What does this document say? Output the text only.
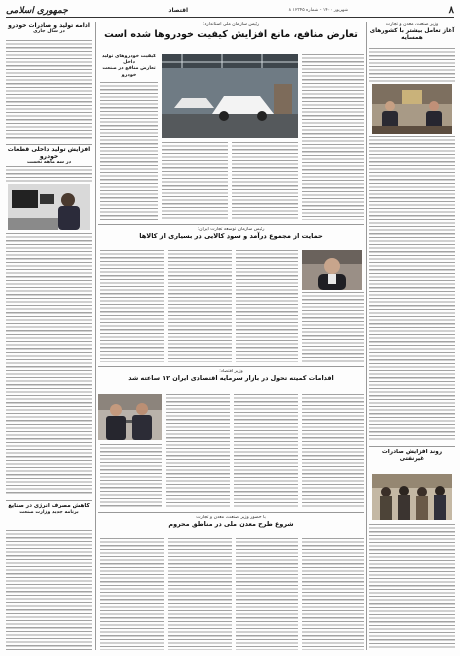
جمهوری اسلامی	اقتصاد	۸ شهریور ۱۴۰۰ - شماره ۱۲۳۴۵	۸
ادامه تولید و صادرات خودرو
در سال جاری
افزایش تولید داخلی قطعات خودرو
در سه ماهه نخست
کاهش مصرف انرژی در صنایع
برنامه جدید وزارت صنعت
رئیس سازمان ملی استاندارد:
تعارض منافع، مانع افزایش کیفیت خودروها شده است
کیفیت خودروهای تولید داخل
تعارض منافع در صنعت خودرو
رئیس سازمان توسعه تجارت ایران:
حمایت از مجموع درآمد و سود کالایی در بسیاری از کالاها
وزیر اقتصاد:
اقدامات کمیته تحول در بازار سرمایه اقتصادی ایران ۱۲ ساعته شد
با حضور وزیر صنعت، معدن و تجارت
شروع طرح معدن ملی در مناطق محروم
وزیر صنعت، معدن و تجارت
آغاز تعامل بیشتر با کشورهای همسایه
روند افزایش صادرات غیرنفتی
